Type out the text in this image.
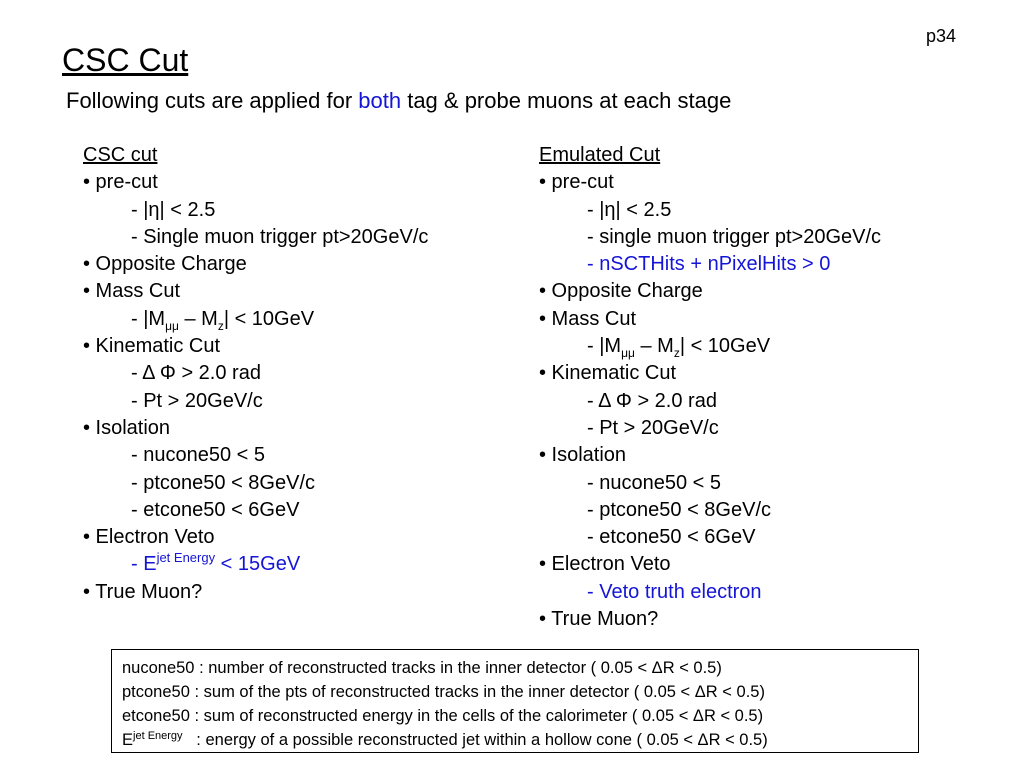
p34
CSC Cut
Following cuts are applied for both tag & probe muons at each stage
CSC cut
• pre-cut
- |η| < 2.5
- Single muon trigger pt>20GeV/c
• Opposite Charge
• Mass Cut
- $|M_{\mu\mu} - M_z| < 10GeV$
• Kinematic Cut
- Δ Φ > 2.0 rad
- Pt > 20GeV/c
• Isolation
- nucone50 < 5
- ptcone50 < 8GeV/c
- etcone50 < 6GeV
• Electron Veto
- $E^{jet Energy} < 15GeV$
• True Muon?
Emulated Cut
• pre-cut
- |η| < 2.5
- single muon trigger pt>20GeV/c
- nSCTHits + nPixelHits > 0
• Opposite Charge
• Mass Cut
- $|M_{\mu\mu} - M_z| < 10GeV$
• Kinematic Cut
- Δ Φ > 2.0 rad
- Pt > 20GeV/c
• Isolation
- nucone50 < 5
- ptcone50 < 8GeV/c
- etcone50 < 6GeV
• Electron Veto
- Veto truth electron
• True Muon?
nucone50 : number of reconstructed tracks in the inner detector ( 0.05 < ΔR < 0.5)
ptcone50 : sum of the pts of reconstructed tracks in the inner detector ( 0.05 < ΔR < 0.5)
etcone50 : sum of reconstructed energy in the cells of the calorimeter ( 0.05 < ΔR < 0.5)
$E^{jet Energy}$   : energy of a possible reconstructed jet within a hollow cone ( 0.05 < ΔR < 0.5)
